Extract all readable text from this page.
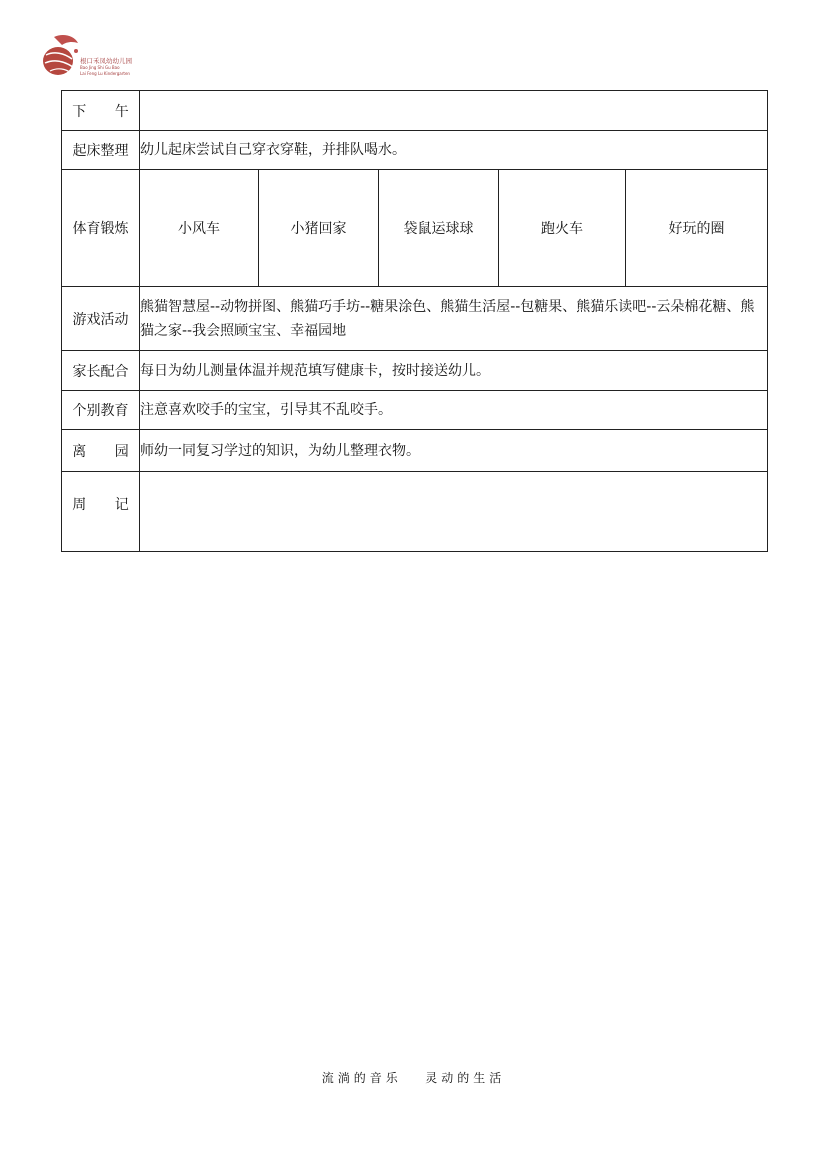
根口禾凤幼幼儿园
Bao Jing Shi Gu Bao
Lai Feng Lu Kindergarten
下 午					
起床整理	幼儿起床尝试自己穿衣穿鞋，并排队喝水。				
体育锻炼	小风车	小猪回家	袋鼠运球球	跑火车	好玩的圈
游戏活动	熊猫智慧屋--动物拼图、熊猫巧手坊--糖果涂色、熊猫生活屋--包糖果、熊猫乐读吧--云朵棉花糖、熊猫之家--我会照顾宝宝、幸福园地				
家长配合	每日为幼儿测量体温并规范填写健康卡，按时接送幼儿。				
个别教育	注意喜欢咬手的宝宝，引导其不乱咬手。				
离 园	师幼一同复习学过的知识，为幼儿整理衣物。				
周 记					
流淌的音乐   灵动的生活
